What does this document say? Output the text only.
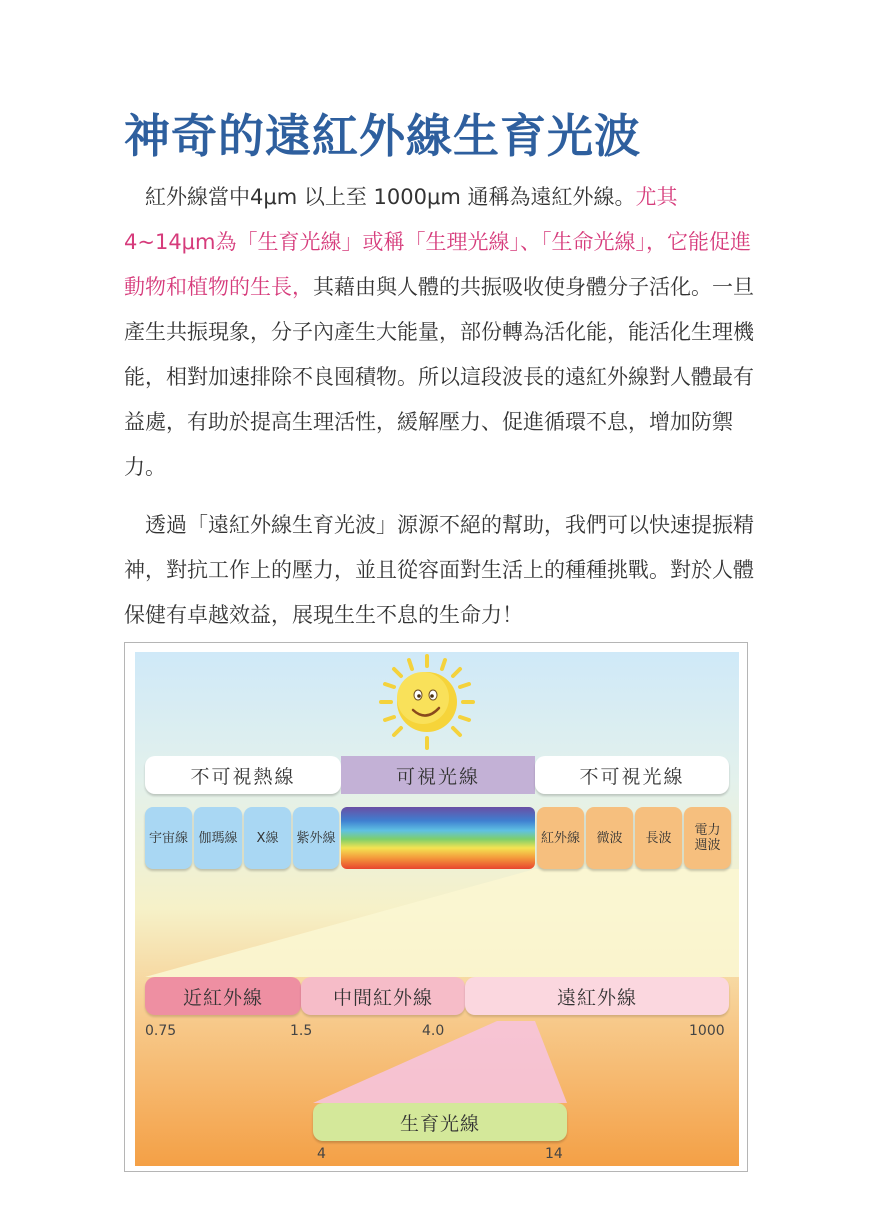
神奇的遠紅外線生育光波

　紅外線當中4μm 以上至 1000μm 通稱為遠紅外線。尤其 4~14μm為「生育光線」或稱「生理光線」、「生命光線」，它能促進動物和植物的生長，其藉由與人體的共振吸收使身體分子活化。一旦產生共振現象，分子內產生大能量，部份轉為活化能，能活化生理機能，相對加速排除不良囤積物。所以這段波長的遠紅外線對人體最有益處，有助於提高生理活性，緩解壓力、促進循環不息，增加防禦力。

　透過「遠紅外線生育光波」源源不絕的幫助，我們可以快速提振精神，對抗工作上的壓力，並且從容面對生活上的種種挑戰。對於人體保健有卓越效益，展現生生不息的生命力！

不可視熱線	可視光線	不可視光線
宇宙線 伽瑪線	X線	紫外線	紅外線	微波	長波	電力
週波
近紅外線	中間紅外線	遠紅外線
0.75	1.5	4.0	1000
生育光線
4	14
